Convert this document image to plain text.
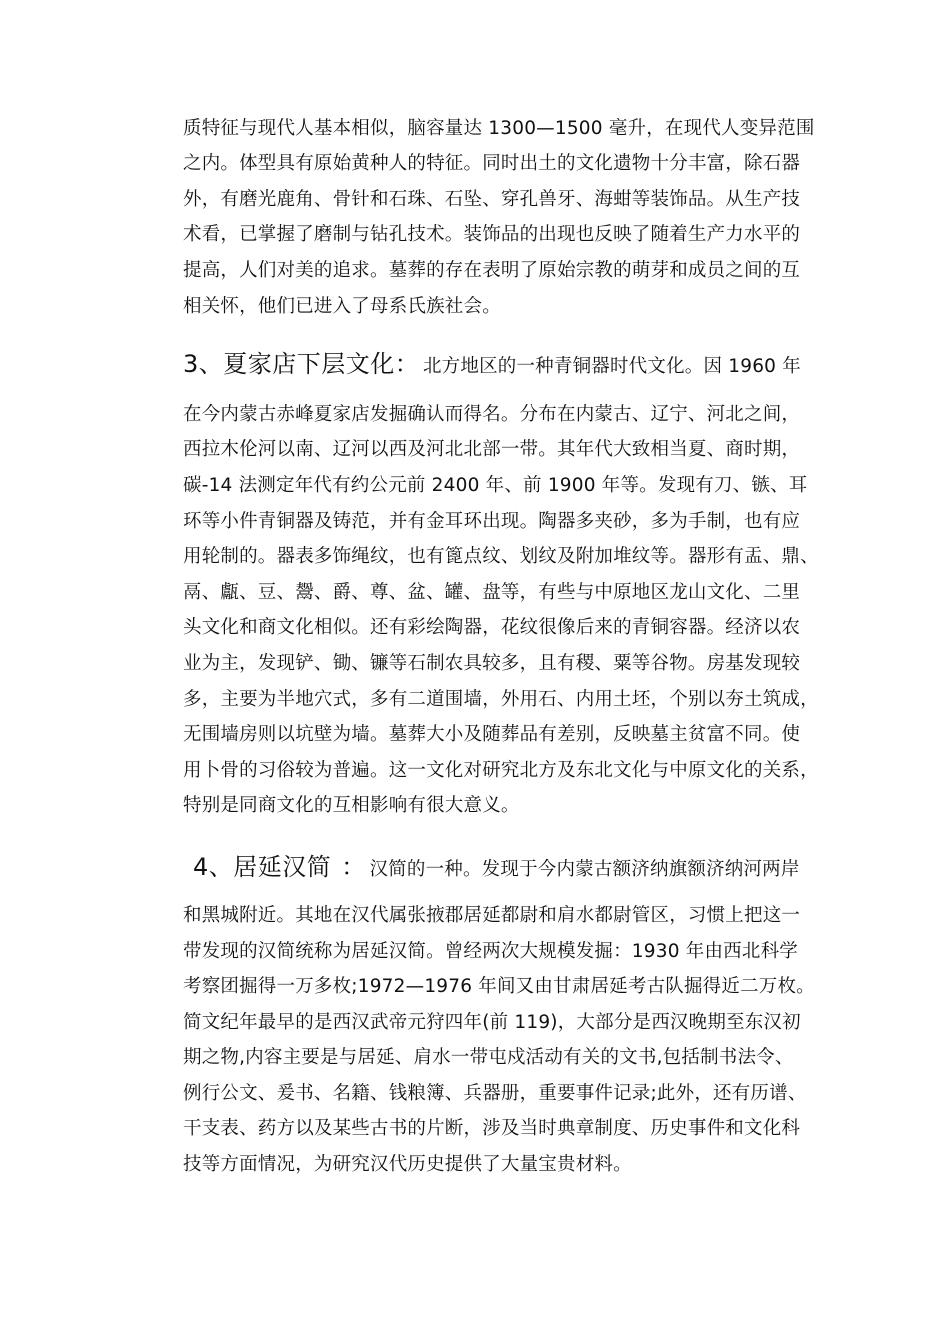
质特征与现代人基本相似，脑容量达 1300—1500 毫升，在现代人变异范围
之内。体型具有原始黄种人的特征。同时出土的文化遗物十分丰富，除石器
外，有磨光鹿角、骨针和石珠、石坠、穿孔兽牙、海蚶等装饰品。从生产技
术看，已掌握了磨制与钻孔技术。装饰品的出现也反映了随着生产力水平的
提高，人们对美的追求。墓葬的存在表明了原始宗教的萌芽和成员之间的互
相关怀，他们已进入了母系氏族社会。
3、夏家店下层文化： 北方地区的一种青铜器时代文化。因 1960 年
在今内蒙古赤峰夏家店发掘确认而得名。分布在内蒙古、辽宁、河北之间，
西拉木伦河以南、辽河以西及河北北部一带。其年代大致相当夏、商时期，
碳-14 法测定年代有约公元前 2400 年、前 1900 年等。发现有刀、镞、耳
环等小件青铜器及铸范，并有金耳环出现。陶器多夹砂，多为手制，也有应
用轮制的。器表多饰绳纹，也有篦点纹、划纹及附加堆纹等。器形有盂、鼎、
鬲、甗、豆、鬶、爵、尊、盆、罐、盘等，有些与中原地区龙山文化、二里
头文化和商文化相似。还有彩绘陶器，花纹很像后来的青铜容器。经济以农
业为主，发现铲、锄、镰等石制农具较多，且有稷、粟等谷物。房基发现较
多，主要为半地穴式，多有二道围墙，外用石、内用土坯，个别以夯土筑成，
无围墙房则以坑壁为墙。墓葬大小及随葬品有差别，反映墓主贫富不同。使
用卜骨的习俗较为普遍。这一文化对研究北方及东北文化与中原文化的关系，
特别是同商文化的互相影响有很大意义。
4、居延汉简 ： 汉简的一种。发现于今内蒙古额济纳旗额济纳河两岸
和黑城附近。其地在汉代属张掖郡居延都尉和肩水都尉管区，习惯上把这一
带发现的汉简统称为居延汉简。曾经两次大规模发掘：1930 年由西北科学
考察团掘得一万多枚;1972—1976 年间又由甘肃居延考古队掘得近二万枚。
简文纪年最早的是西汉武帝元狩四年(前 119)，大部分是西汉晚期至东汉初
期之物,内容主要是与居延、肩水一带屯戍活动有关的文书,包括制书法令、
例行公文、爰书、名籍、钱粮簿、兵器册，重要事件记录;此外，还有历谱、
干支表、药方以及某些古书的片断，涉及当时典章制度、历史事件和文化科
技等方面情况，为研究汉代历史提供了大量宝贵材料。
